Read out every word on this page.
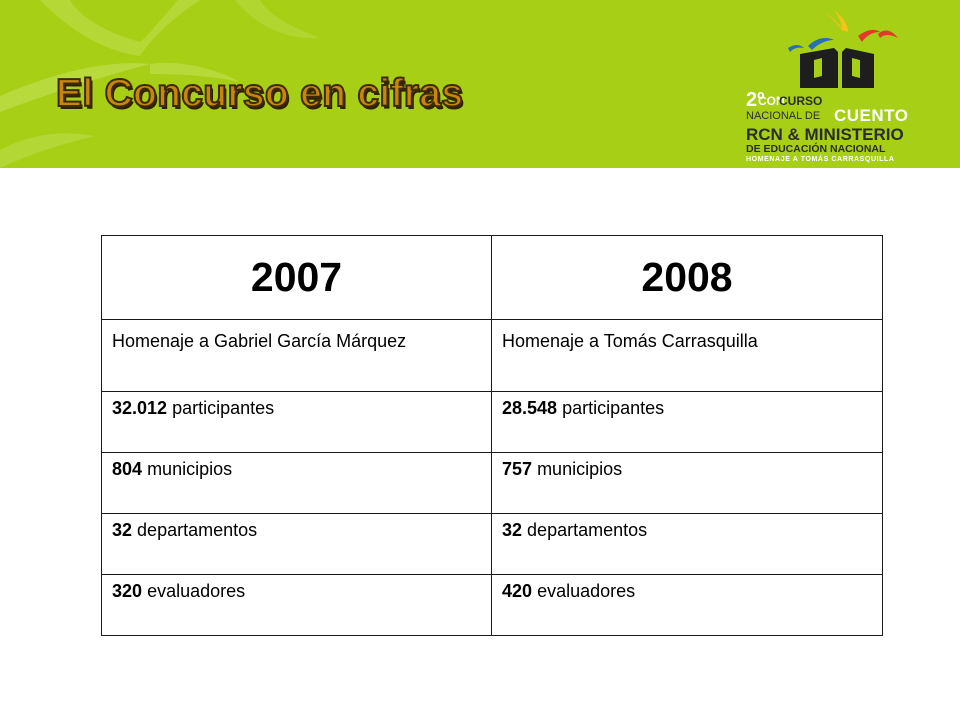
El Concurso en cifras	2º
CON
CURSO
NACIONAL DE CUENTO
RCN & MINISTERIO
DE EDUCACIÓN NACIONAL
HOMENAJE A TOMÁS CARRASQUILLA
2007	2008
Homenaje a Gabriel García Márquez	Homenaje a Tomás Carrasquilla
32.012 participantes	28.548 participantes
804 municipios	757 municipios
32 departamentos	32 departamentos
320 evaluadores	420 evaluadores
